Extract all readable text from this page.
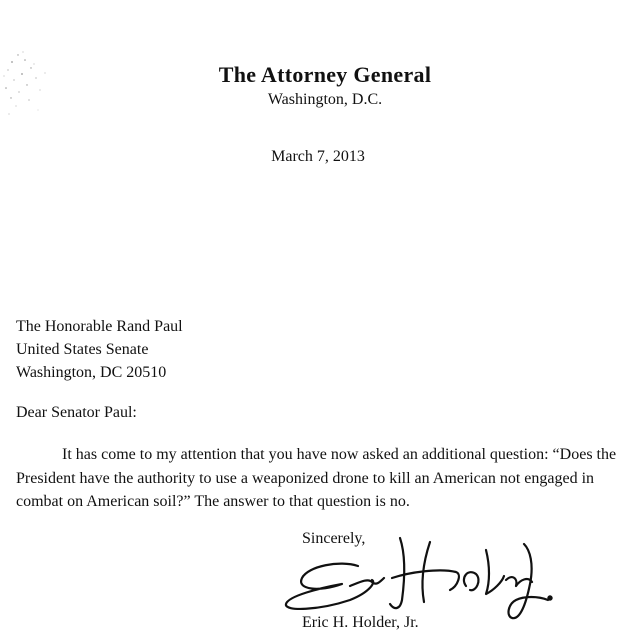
The Attorney General
Washington, D.C.
March 7, 2013
The Honorable Rand Paul
United States Senate
Washington, DC 20510
Dear Senator Paul:
It has come to my attention that you have now asked an additional question: “Does the President have the authority to use a weaponized drone to kill an American not engaged in combat on American soil?” The answer to that question is no.
Sincerely,
Eric H. Holder, Jr.
